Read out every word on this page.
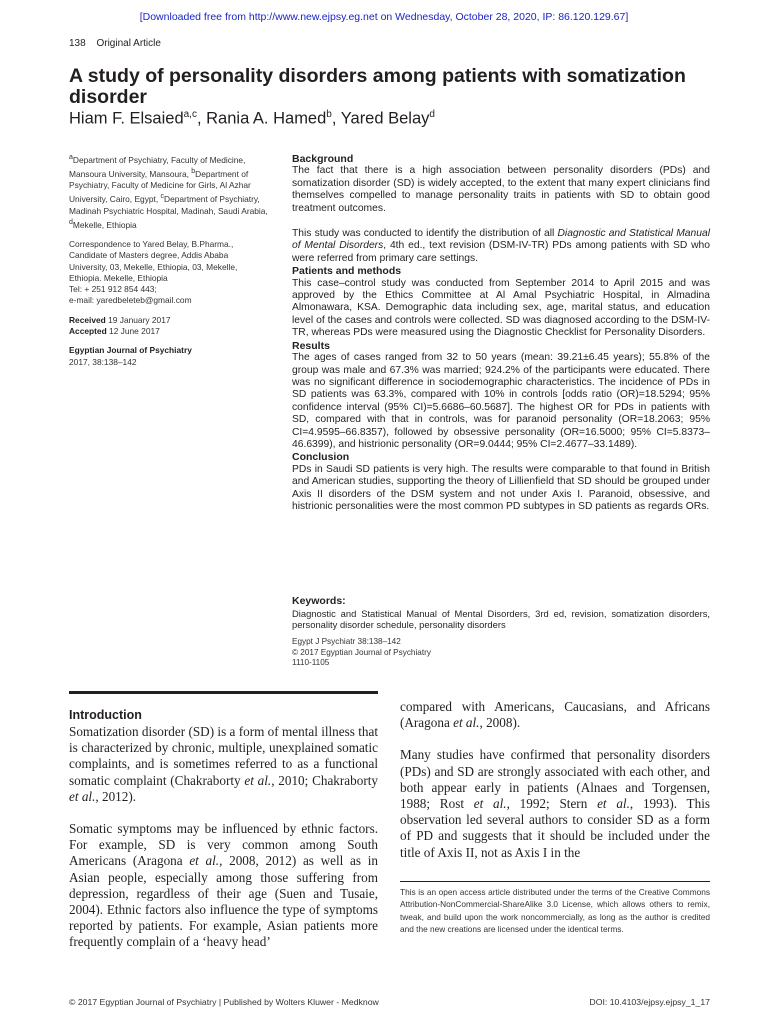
[Downloaded free from http://www.new.ejpsy.eg.net on Wednesday, October 28, 2020, IP: 86.120.129.67]
138 Original Article
A study of personality disorders among patients with somatization disorder
Hiam F. Elsaied$^{a,c}$, Rania A. Hamed$^b$, Yared Belay$^d$

$^a$Department of Psychiatry, Faculty of Medicine, Mansoura University, Mansoura, $^b$Department of Psychiatry, Faculty of Medicine for Girls, Al Azhar University, Cairo, Egypt, $^c$Department of Psychiatry, Madinah Psychiatric Hospital, Madinah, Saudi Arabia, $^d$Mekelle, Ethiopia

Correspondence to Yared Belay, B.Pharma., Candidate of Masters degree, Addis Ababa University, 03, Mekelle, Ethiopia, 03, Mekelle, Ethiopia. Mekelle, Ethiopia

Tel: + 251 912 854 443;

e-mail: yaredbeleteb@gmail.com

Received 19 January 2017

Accepted 12 June 2017

Egyptian Journal of Psychiatry

2017, 38:138–142

Background

The fact that there is a high association between personality disorders (PDs) and somatization disorder (SD) is widely accepted, to the extent that many expert clinicians find themselves compelled to manage personality traits in patients with SD to obtain good treatment outcomes.

This study was conducted to identify the distribution of all Diagnostic and Statistical Manual of Mental Disorders, 4th ed., text revision (DSM-IV-TR) PDs among patients with SD who were referred from primary care settings.

Patients and methods

This case–control study was conducted from September 2014 to April 2015 and was approved by the Ethics Committee at Al Amal Psychiatric Hospital, in Almadina Almonawara, KSA. Demographic data including sex, age, marital status, and education level of the cases and controls were collected. SD was diagnosed according to the DSM-IV-TR, whereas PDs were measured using the Diagnostic Checklist for Personality Disorders.

Results

The ages of cases ranged from 32 to 50 years (mean: 39.21±6.45 years); 55.8% of the group was male and 67.3% was married; 924.2% of the participants were educated. There was no significant difference in sociodemographic characteristics. The incidence of PDs in SD patients was 63.3%, compared with 10% in controls [odds ratio (OR)=18.5294; 95% confidence interval (95% CI)=5.6686–60.5687]. The highest OR for PDs in patients with SD, compared with that in controls, was for paranoid personality (OR=18.2063; 95% CI=4.9595–66.8357), followed by obsessive personality (OR=16.5000; 95% CI=5.8373–46.6399), and histrionic personality (OR=9.0444; 95% CI=2.4677–33.1489).

Conclusion

PDs in Saudi SD patients is very high. The results were comparable to that found in British and American studies, supporting the theory of Lillienfield that SD should be grouped under Axis II disorders of the DSM system and not under Axis I. Paranoid, obsessive, and histrionic personalities were the most common PD subtypes in SD patients as regards ORs.

Keywords:

Diagnostic and Statistical Manual of Mental Disorders, 3rd ed, revision, somatization disorders, personality disorder schedule, personality disorders

Egypt J Psychiatr 38:138–142
© 2017 Egyptian Journal of Psychiatry
1110-1105
Introduction

Somatization disorder (SD) is a form of mental illness that is characterized by chronic, multiple, unexplained somatic complaints, and is sometimes referred to as a functional somatic complaint (Chakraborty et al., 2010; Chakraborty et al., 2012).

Somatic symptoms may be influenced by ethnic factors. For example, SD is very common among South Americans (Aragona et al., 2008, 2012) as well as in Asian people, especially among those suffering from depression, regardless of their age (Suen and Tusaie, 2004). Ethnic factors also influence the type of symptoms reported by patients. For example, Asian patients more frequently complain of a ‘heavy head’

compared with Americans, Caucasians, and Africans (Aragona et al., 2008).

Many studies have confirmed that personality disorders (PDs) and SD are strongly associated with each other, and both appear early in patients (Alnaes and Torgensen, 1988; Rost et al., 1992; Stern et al., 1993). This observation led several authors to consider SD as a form of PD and suggests that it should be included under the title of Axis II, not as Axis I in the

This is an open access article distributed under the terms of the Creative Commons Attribution-NonCommercial-ShareAlike 3.0 License, which allows others to remix, tweak, and build upon the work noncommercially, as long as the author is credited and the new creations are licensed under the identical terms.
© 2017 Egyptian Journal of Psychiatry | Published by Wolters Kluwer - Medknow	DOI: 10.4103/ejpsy.ejpsy_1_17
